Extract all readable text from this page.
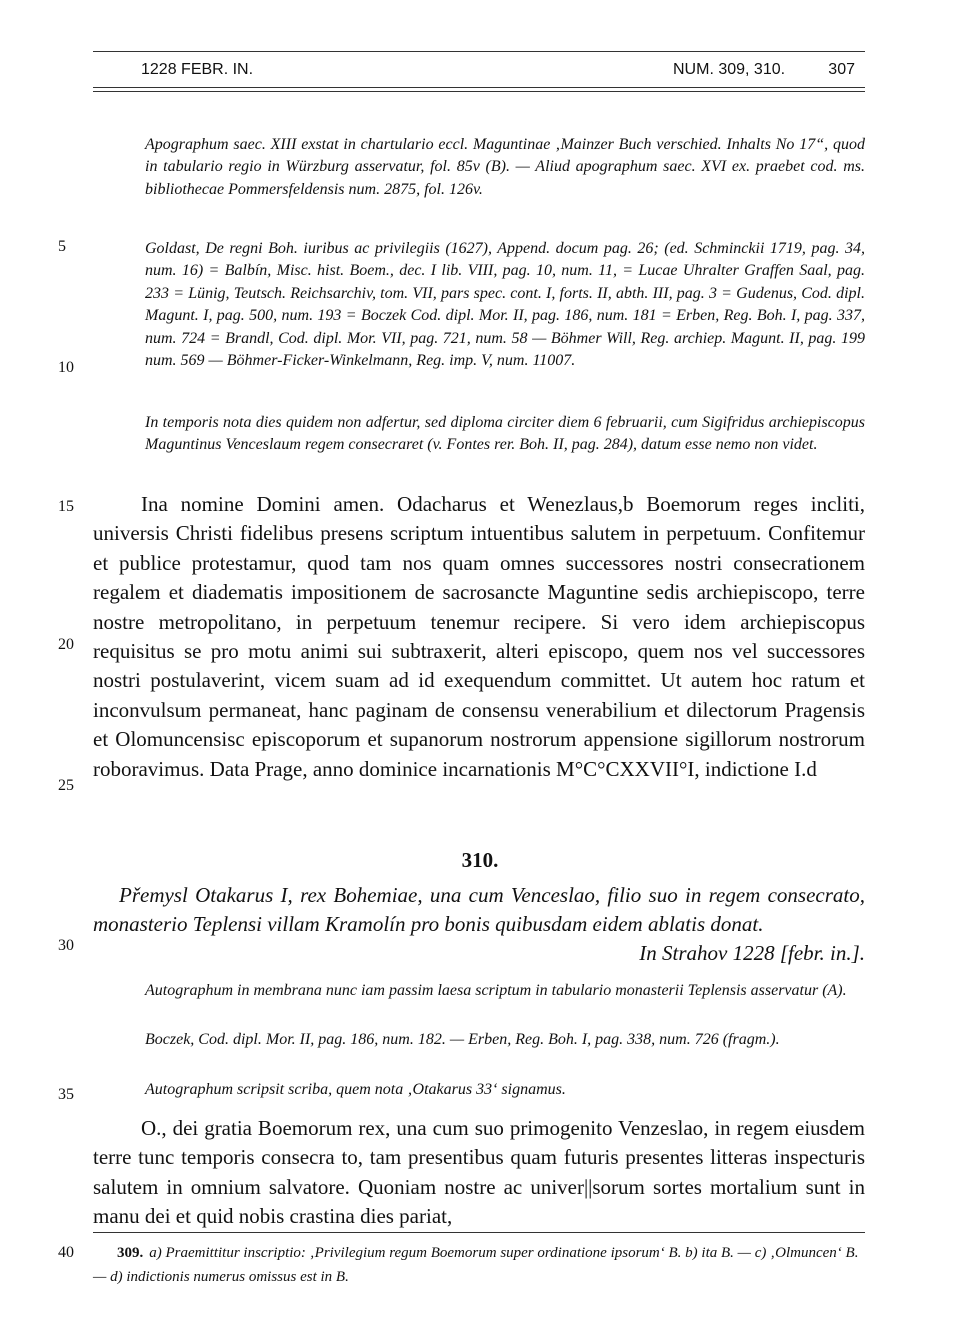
1228 FEBR. IN.	NUM. 309, 310.	307
5
10
15
20
25
30
35
40

Apographum saec. XIII exstat in chartulario eccl. Maguntinae ‚Mainzer Buch verschied. Inhalts No 17“, quod in tabulario regio in Würzburg asservatur, fol. 85v (B). — Aliud apographum saec. XVI ex. praebet cod. ms. bibliothecae Pommersfeldensis num. 2875, fol. 126v.

Goldast, De regni Boh. iuribus ac privilegiis (1627), Append. docum pag. 26; (ed. Schminckii 1719, pag. 34, num. 16) = Balbín, Misc. hist. Boem., dec. I lib. VIII, pag. 10, num. 11, = Lucae Uhralter Graffen Saal, pag. 233 = Lünig, Teutsch. Reichsarchiv, tom. VII, pars spec. cont. I, forts. II, abth. III, pag. 3 = Gudenus, Cod. dipl. Magunt. I, pag. 500, num. 193 = Boczek Cod. dipl. Mor. II, pag. 186, num. 181 = Erben, Reg. Boh. I, pag. 337, num. 724 = Brandl, Cod. dipl. Mor. VII, pag. 721, num. 58 — Böhmer Will, Reg. archiep. Magunt. II, pag. 199 num. 569 — Böhmer-Ficker-Winkelmann, Reg. imp. V, num. 11007.

In temporis nota dies quidem non adfertur, sed diploma circiter diem 6 februarii, cum Sigifridus archiepiscopus Maguntinus Venceslaum regem consecraret (v. Fontes rer. Boh. II, pag. 284), datum esse nemo non videt.

Ina nomine Domini amen. Odacharus et Wenezlaus,b Boemorum reges incliti, universis Christi fidelibus presens scriptum intuentibus salutem in perpetuum. Confitemur et publice protestamur, quod tam nos quam omnes successores nostri consecrationem regalem et diadematis impositionem de sacrosancte Maguntine sedis archiepiscopo, terre nostre metropolitano, in perpetuum tenemur recipere. Si vero idem archiepiscopus requisitus se pro motu animi sui subtraxerit, alteri episcopo, quem nos vel successores nostri postulaverint, vicem suam ad id exequendum committet. Ut autem hoc ratum et inconvulsum permaneat, hanc paginam de consensu venerabilium et dilectorum Pragensis et Olomuncensisc episcoporum et supanorum nostrorum appensione sigillorum nostrorum roboravimus. Data Prage, anno dominice incarnationis M°C°CXXVII°I, indictione I.d

310.

Přemysl Otakarus I, rex Bohemiae, una cum Venceslao, filio suo in regem consecrato, monasterio Teplensi villam Kramolín pro bonis quibusdam eidem ablatis donat.
In Strahov 1228 [febr. in.].

Autographum in membrana nunc iam passim laesa scriptum in tabulario monasterii Teplensis asservatur (A).

Boczek, Cod. dipl. Mor. II, pag. 186, num. 182. — Erben, Reg. Boh. I, pag. 338, num. 726 (fragm.).

Autographum scripsit scriba, quem nota ‚Otakarus 33‘ signamus.

O., dei gratia Boemorum rex, una cum suo primogenito Venzeslao, in regem eiusdem terre tunc temporis consecra to, tam presentibus quam futuris presentes litteras inspecturis salutem in omnium salvatore. Quoniam nostre ac univer||sorum sortes mortalium sunt in manu dei et quid nobis crastina dies pariat,

309. a) Praemittitur inscriptio: ‚Privilegium regum Boemorum super ordinatione ipsorum‘ B. b) ita B. — c) ‚Olmuncen‘ B. — d) indictionis numerus omissus est in B.
